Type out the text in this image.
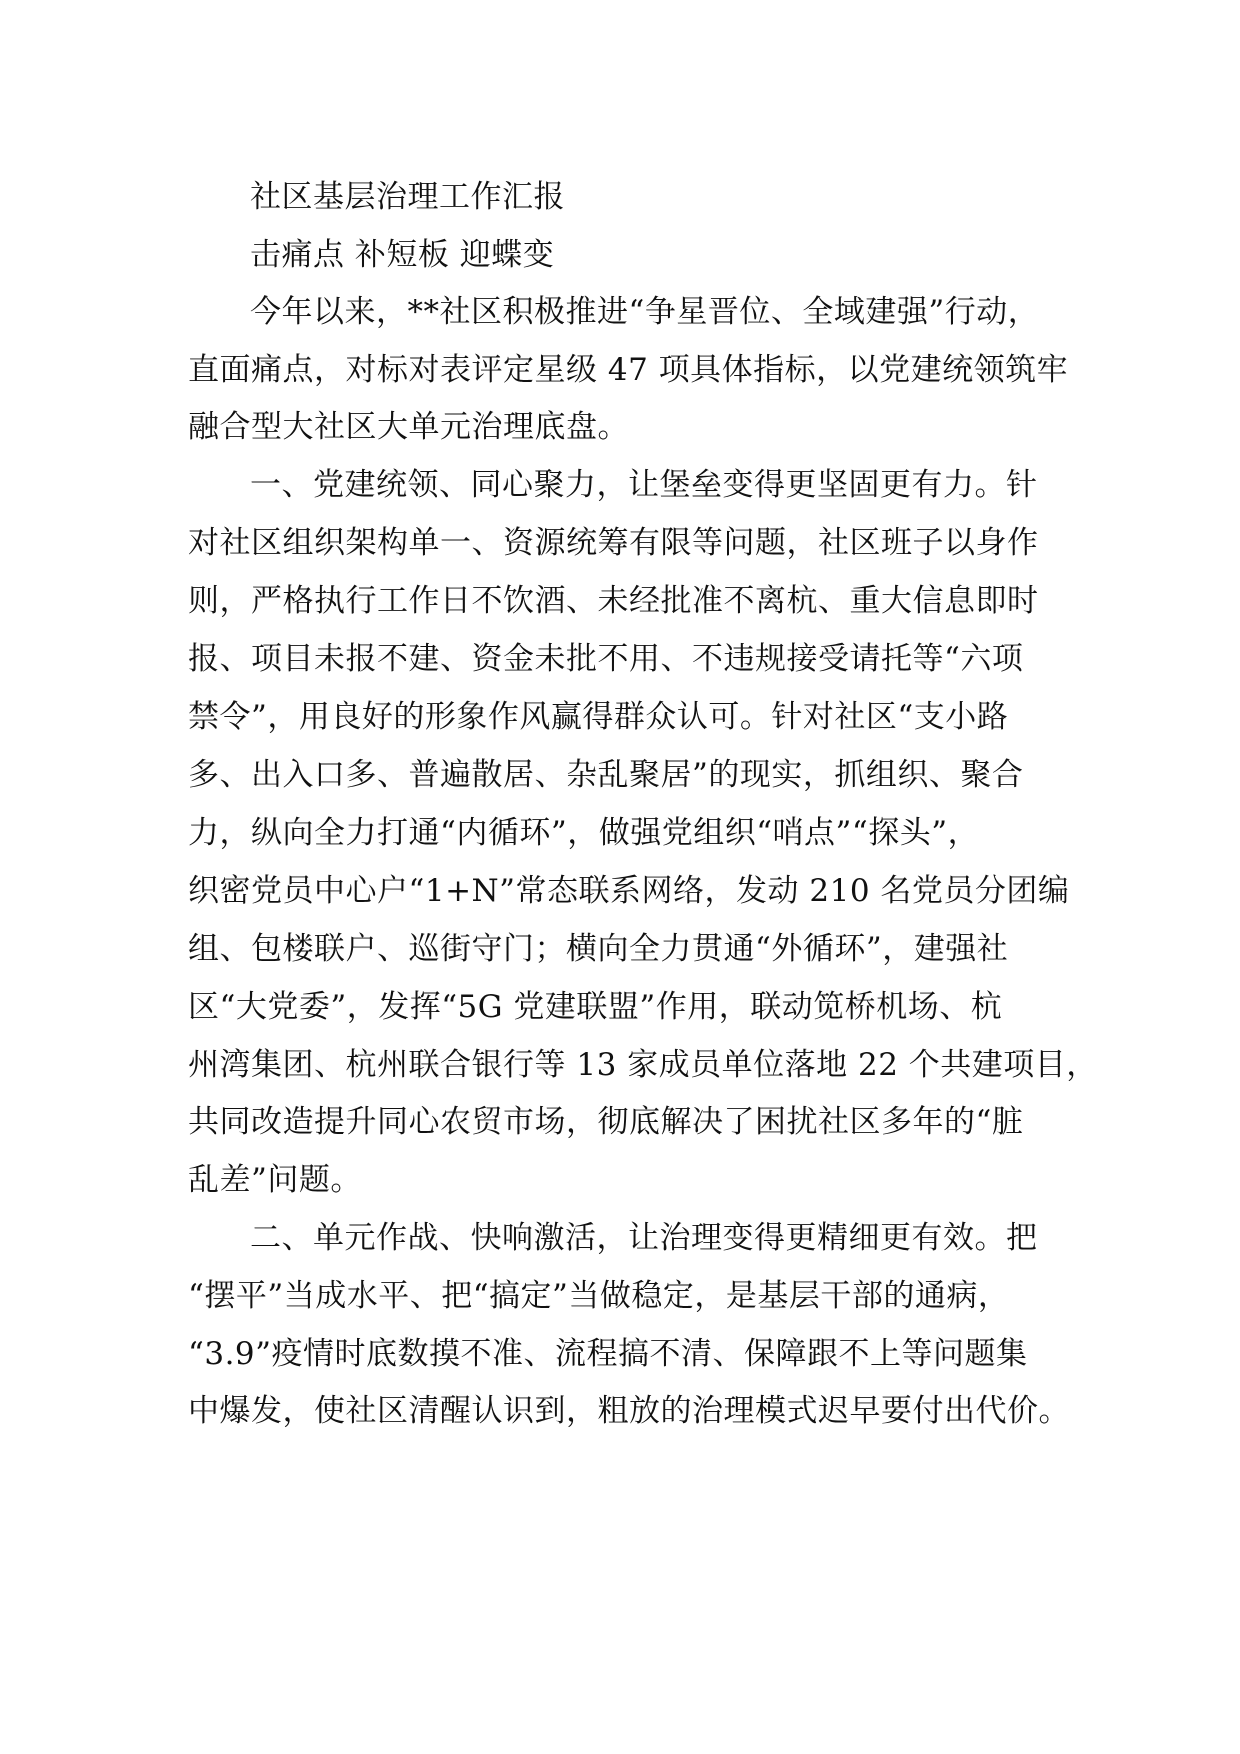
社区基层治理工作汇报
击痛点 补短板 迎蝶变
今年以来，**社区积极推进“争星晋位、全域建强”行动，
直面痛点，对标对表评定星级 47 项具体指标，以党建统领筑牢
融合型大社区大单元治理底盘。
一、党建统领、同心聚力，让堡垒变得更坚固更有力。针
对社区组织架构单一、资源统筹有限等问题，社区班子以身作
则，严格执行工作日不饮酒、未经批准不离杭、重大信息即时
报、项目未报不建、资金未批不用、不违规接受请托等“六项
禁令”，用良好的形象作风赢得群众认可。针对社区“支小路
多、出入口多、普遍散居、杂乱聚居”的现实，抓组织、聚合
力，纵向全力打通“内循环”，做强党组织“哨点”“探头”，
织密党员中心户“1+N”常态联系网络，发动 210 名党员分团编
组、包楼联户、巡街守门；横向全力贯通“外循环”，建强社
区“大党委”，发挥“5G 党建联盟”作用，联动笕桥机场、杭
州湾集团、杭州联合银行等 13 家成员单位落地 22 个共建项目，
共同改造提升同心农贸市场，彻底解决了困扰社区多年的“脏
乱差”问题。
二、单元作战、快响激活，让治理变得更精细更有效。把
“摆平”当成水平、把“搞定”当做稳定，是基层干部的通病，
“3.9”疫情时底数摸不准、流程搞不清、保障跟不上等问题集
中爆发，使社区清醒认识到，粗放的治理模式迟早要付出代价。
